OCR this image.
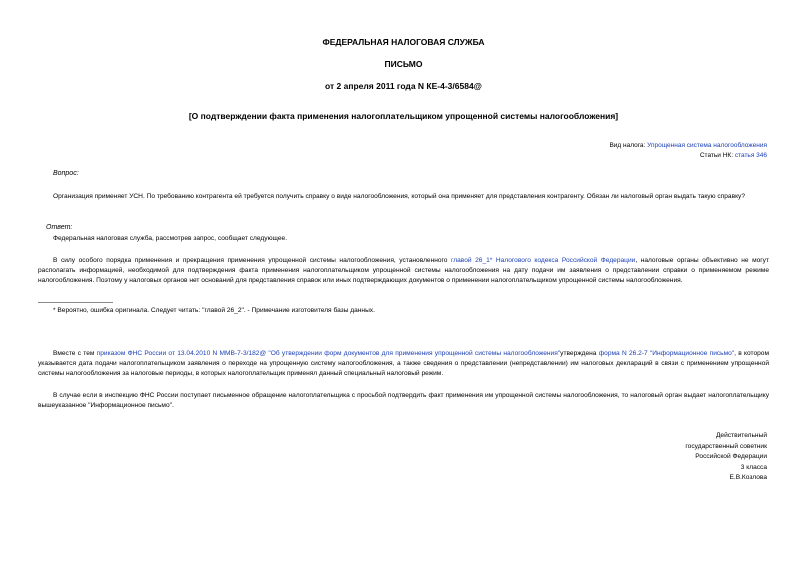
ФЕДЕРАЛЬНАЯ НАЛОГОВАЯ СЛУЖБА
ПИСЬМО
от 2 апреля 2011 года N КЕ-4-3/6584@
[О подтверждении факта применения налогоплательщиком упрощенной системы налогообложения]
Вид налога: Упрощенная система налогообложения
Статьи НК: статья 346
Вопрос:
Организация применяет УСН. По требованию контрагента ей требуется получить справку о виде налогообложения, который она применяет для представления контрагенту. Обязан ли налоговый орган выдать такую справку?
Ответ:
Федеральная налоговая служба, рассмотрев запрос, сообщает следующее.
В силу особого порядка применения и прекращения применения упрощенной системы налогообложения, установленного главой 26_1* Налогового кодекса Российской Федерации, налоговые органы объективно не могут располагать информацией, необходимой для подтверждения факта применения налогоплательщиком упрощенной системы налогообложения на дату подачи им заявления о представлении справки о применяемом режиме налогообложения. Поэтому у налоговых органов нет оснований для представления справок или иных подтверждающих документов о применении налогоплательщиком упрощенной системы налогообложения.
* Вероятно, ошибка оригинала. Следует читать: "главой 26_2". - Примечание изготовителя базы данных.
Вместе с тем приказом ФНС России от 13.04.2010 N ММВ-7-3/182@ "Об утверждении форм документов для применения упрощенной системы налогообложения"утверждена форма N 26.2-7 "Информационное письмо", в котором указывается дата подачи налогоплательщиком заявления о переходе на упрощенную систему налогообложения, а также сведения о представлении (непредставлении) им налоговых деклараций в связи с применением упрощенной системы налогообложения за налоговые периоды, в которых налогоплательщик применял данный специальный налоговый режим.
В случае если в инспекцию ФНС России поступает письменное обращение налогоплательщика с просьбой подтвердить факт применения им упрощенной системы налогообложения, то налоговый орган выдает налогоплательщику вышеуказанное "Информационное письмо".
Действительный
государственный советник
Российской Федерации
3 класса
Е.В.Козлова
